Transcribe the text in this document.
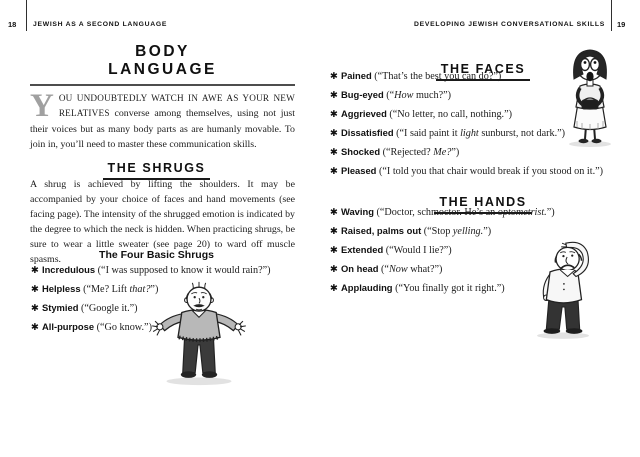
18 JEWISH AS A SECOND LANGUAGE	DEVELOPING JEWISH CONVERSATIONAL SKILLS 19
BODY
LANGUAGE

Y OU UNDOUBTEDLY WATCH IN AWE AS YOUR NEW RELATIVES converse among themselves, using not just their voices but as many body parts as are humanly movable. To join in, you’ll need to master these communication skills.

THE SHRUGS

A shrug is achieved by lifting the shoulders. It may be accompanied by your choice of faces and hand movements (see facing page). The intensity of the shrugged emotion is indicated by the degree to which the neck is hidden. When practicing shrugs, be sure to wear a little sweater (see page 20) to ward off muscle spasms.	The Four Basic Shrugs
✱ Incredulous (“I was supposed to know it would rain?”)
✱ Helpless (“Me? Lift that?”)
✱ Stymied (“Google it.”)
✱ All-purpose (“Go know.”)
THE FACES
✱ Pained (“That’s the best you can do?”)
✱ Bug-eyed (“How much?”)
✱ Aggrieved (“No letter, no call, nothing.”)
✱ Dissatisfied (“I said paint it light sunburst, not dark.”)
✱ Shocked (“Rejected? Me?”)
✱ Pleased (“I told you that chair would break if you stood on it.”)
THE HANDS
✱ Waving (“Doctor, schmoctor. He’s an optometrist.”)
✱ Raised, palms out (“Stop yelling.”)
✱ Extended (“Would I lie?”)
✱ On head (“Now what?”)
✱ Applauding (“You finally got it right.”)
